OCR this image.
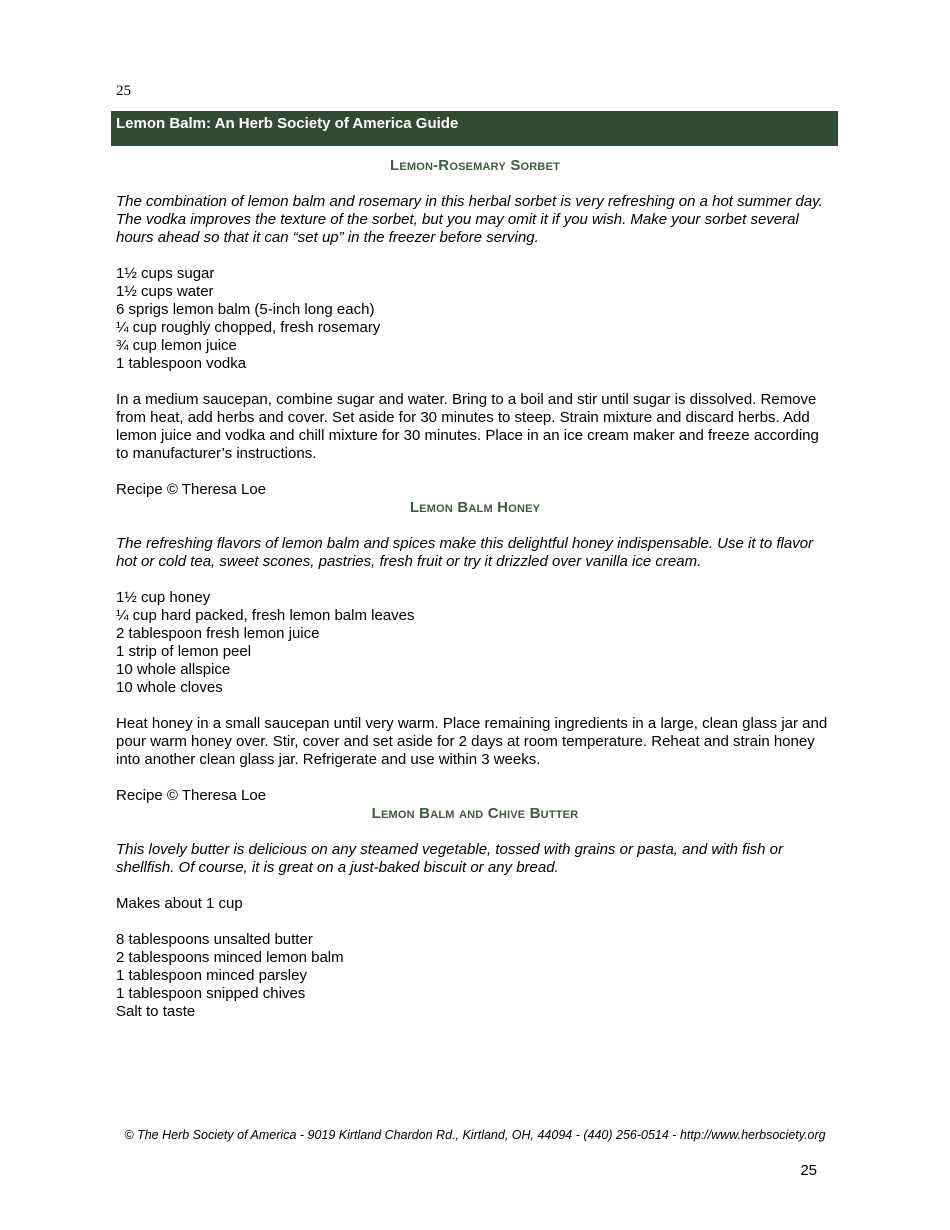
25
Lemon Balm: An Herb Society of America Guide
Lemon-Rosemary Sorbet

The combination of lemon balm and rosemary in this herbal sorbet is very refreshing on a hot summer day. The vodka improves the texture of the sorbet, but you may omit it if you wish. Make your sorbet several hours ahead so that it can “set up” in the freezer before serving.

1½ cups sugar
1½ cups water
6 sprigs lemon balm (5-inch long each)
¼ cup roughly chopped, fresh rosemary
¾ cup lemon juice
1 tablespoon vodka

In a medium saucepan, combine sugar and water. Bring to a boil and stir until sugar is dissolved. Remove from heat, add herbs and cover. Set aside for 30 minutes to steep. Strain mixture and discard herbs. Add lemon juice and vodka and chill mixture for 30 minutes. Place in an ice cream maker and freeze according to manufacturer’s instructions.

Recipe © Theresa Loe

Lemon Balm Honey

The refreshing flavors of lemon balm and spices make this delightful honey indispensable. Use it to flavor hot or cold tea, sweet scones, pastries, fresh fruit or try it drizzled over vanilla ice cream.

1½ cup honey
¼ cup hard packed, fresh lemon balm leaves
2 tablespoon fresh lemon juice
1 strip of lemon peel
10 whole allspice
10 whole cloves

Heat honey in a small saucepan until very warm. Place remaining ingredients in a large, clean glass jar and pour warm honey over. Stir, cover and set aside for 2 days at room temperature. Reheat and strain honey into another clean glass jar. Refrigerate and use within 3 weeks.

Recipe © Theresa Loe

Lemon Balm and Chive Butter

This lovely butter is delicious on any steamed vegetable, tossed with grains or pasta, and with fish or shellfish. Of course, it is great on a just-baked biscuit or any bread.

Makes about 1 cup

8 tablespoons unsalted butter
2 tablespoons minced lemon balm
1 tablespoon minced parsley
1 tablespoon snipped chives
Salt to taste
© The Herb Society of America - 9019 Kirtland Chardon Rd., Kirtland, OH, 44094 - (440) 256-0514 - http://www.herbsociety.org
25
